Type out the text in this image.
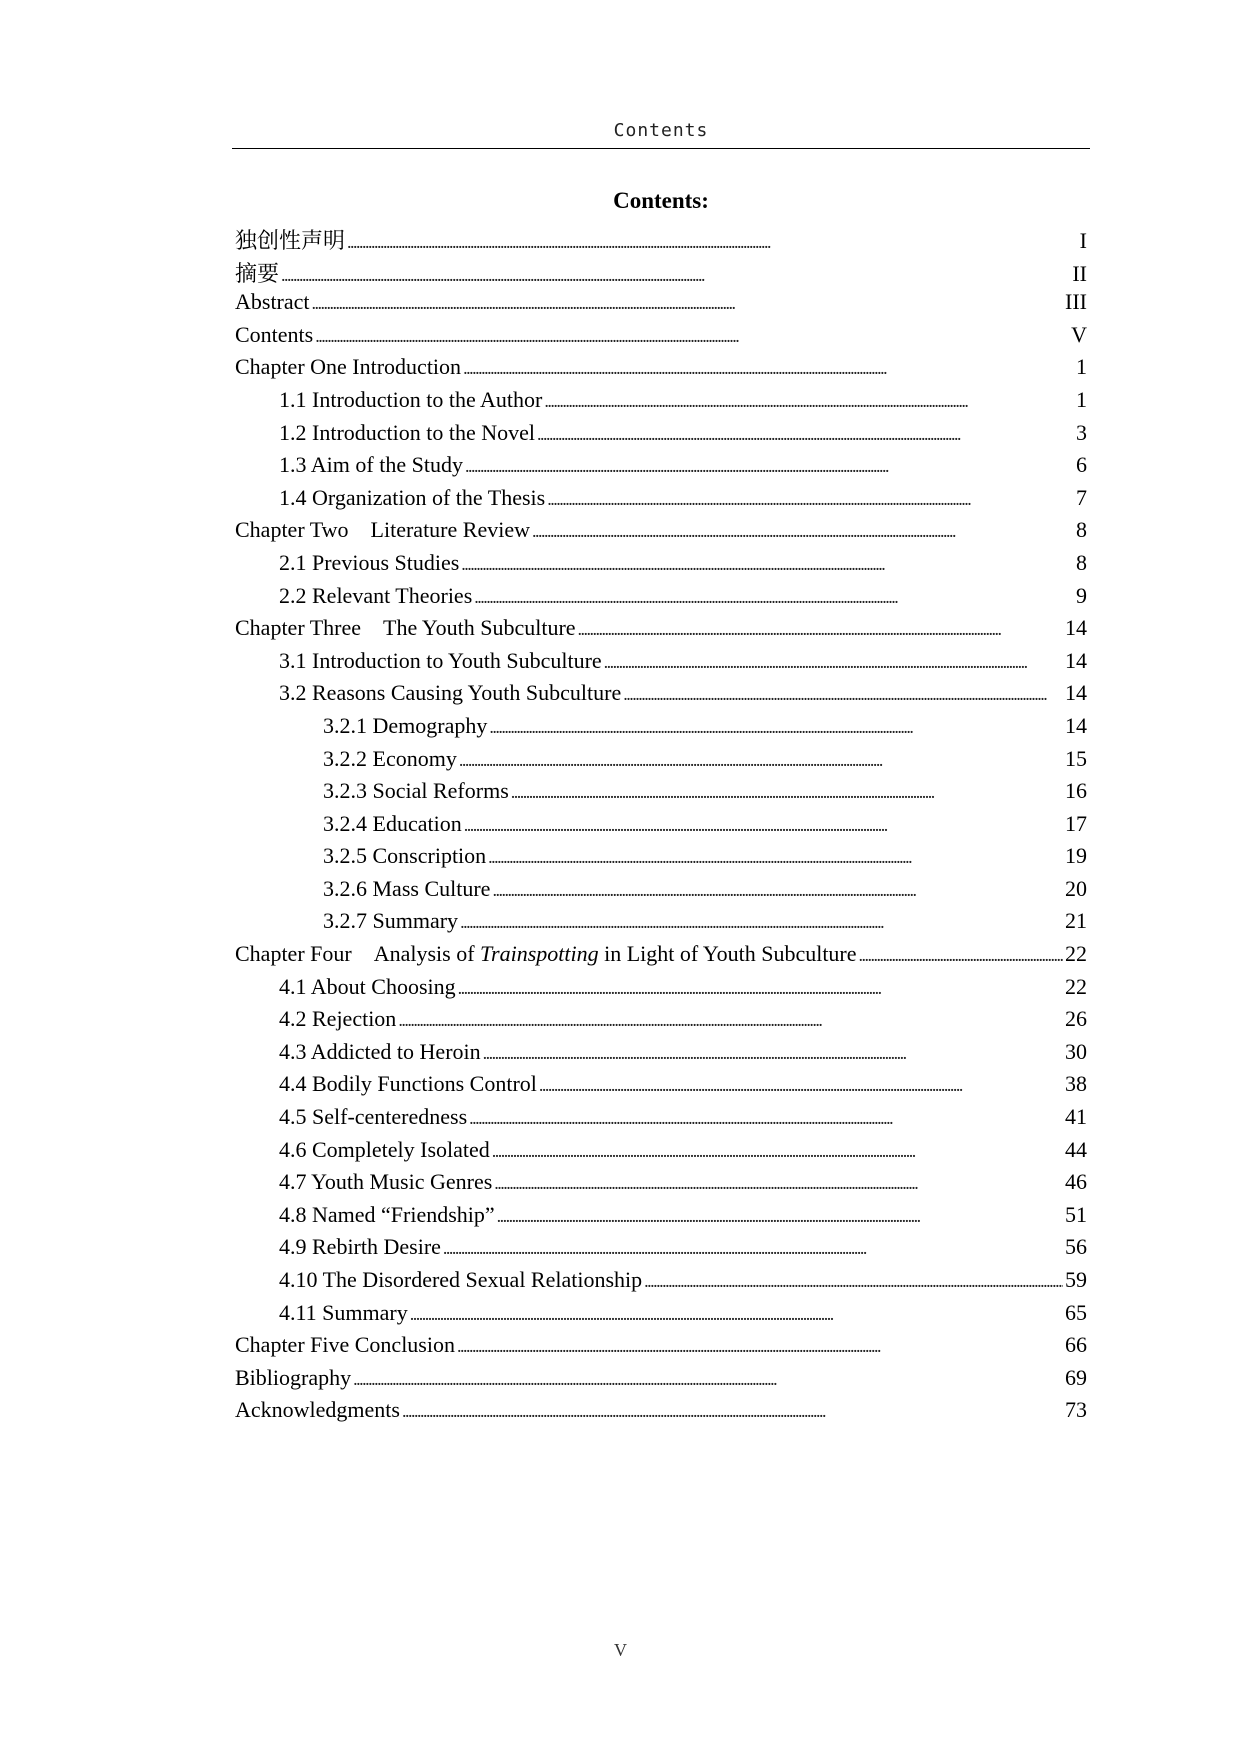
Contents
Contents:
独创性声明 . . .	I
摘要 . . .	II
Abstract . . .	III
Contents . . .	V
Chapter One Introduction . . .	1
1.1 Introduction to the Author . . .	1
1.2 Introduction to the Novel . . .	3
1.3 Aim of the Study . . .	6
1.4 Organization of the Thesis . . .	7
Chapter Two Literature Review . . .	8
2.1 Previous Studies . . .	8
2.2 Relevant Theories . . .	9
Chapter Three The Youth Subculture . . .	14
3.1 Introduction to Youth Subculture . . .	14
3.2 Reasons Causing Youth Subculture . . .	14
3.2.1 Demography . . .	14
3.2.2 Economy . . .	15
3.2.3 Social Reforms . . .	16
3.2.4 Education . . .	17
3.2.5 Conscription . . .	19
3.2.6 Mass Culture . . .	20
3.2.7 Summary . . .	21
Chapter Four Analysis of Trainspotting in Light of Youth Subculture . . .	22
4.1 About Choosing . . .	22
4.2 Rejection . . .	26
4.3 Addicted to Heroin . . .	30
4.4 Bodily Functions Control . . .	38
4.5 Self-centeredness . . .	41
4.6 Completely Isolated . . .	44
4.7 Youth Music Genres . . .	46
4.8 Named “Friendship” . . .	51
4.9 Rebirth Desire . . .	56
4.10 The Disordered Sexual Relationship . . .	59
4.11 Summary . . .	65
Chapter Five Conclusion . . .	66
Bibliography . . .	69
Acknowledgments . . .	73
V
